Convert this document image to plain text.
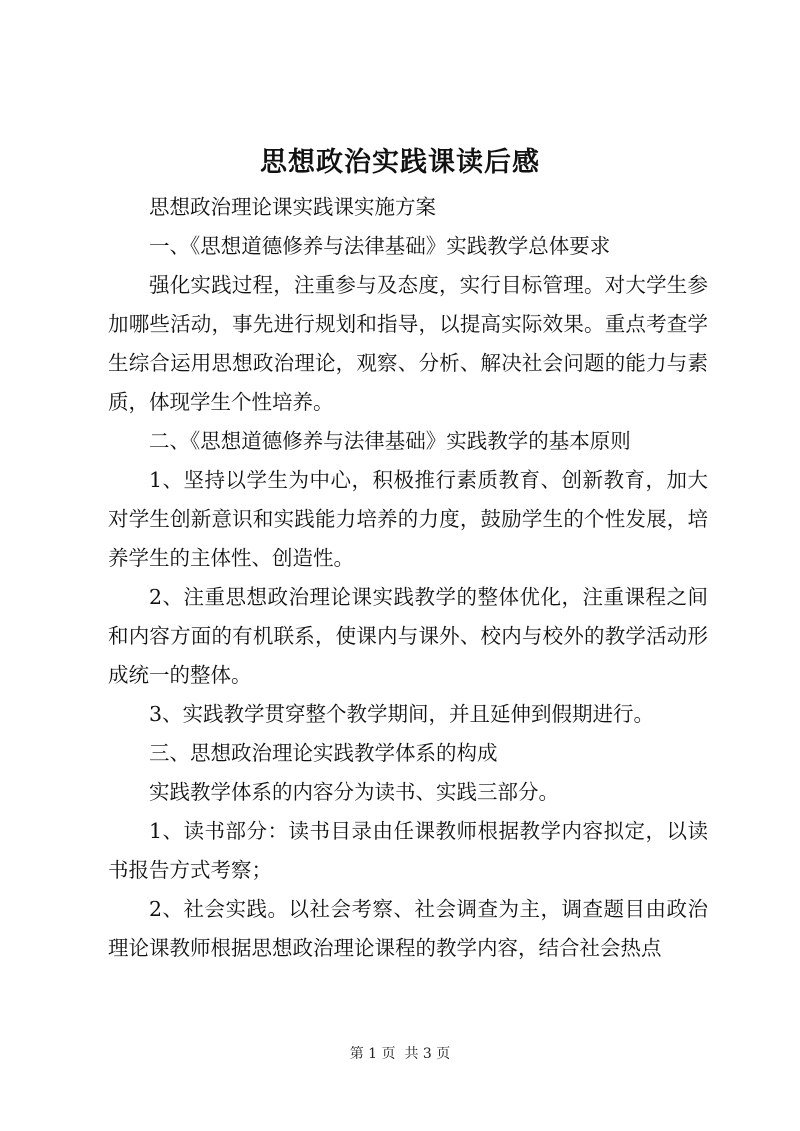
思想政治实践课读后感

思想政治理论课实践课实施方案

一、《思想道德修养与法律基础》实践教学总体要求

强化实践过程，注重参与及态度，实行目标管理。对大学生参加哪些活动，事先进行规划和指导，以提高实际效果。重点考查学生综合运用思想政治理论，观察、分析、解决社会问题的能力与素质，体现学生个性培养。

二、《思想道德修养与法律基础》实践教学的基本原则

1、坚持以学生为中心，积极推行素质教育、创新教育，加大对学生创新意识和实践能力培养的力度，鼓励学生的个性发展，培养学生的主体性、创造性。

2、注重思想政治理论课实践教学的整体优化，注重课程之间和内容方面的有机联系，使课内与课外、校内与校外的教学活动形成统一的整体。

3、实践教学贯穿整个教学期间，并且延伸到假期进行。

三、思想政治理论实践教学体系的构成

实践教学体系的内容分为读书、实践三部分。

1、读书部分：读书目录由任课教师根据教学内容拟定，以读书报告方式考察；

2、社会实践。以社会考察、社会调查为主，调查题目由政治理论课教师根据思想政治理论课程的教学内容，结合社会热点

第 1 页  共 3 页
